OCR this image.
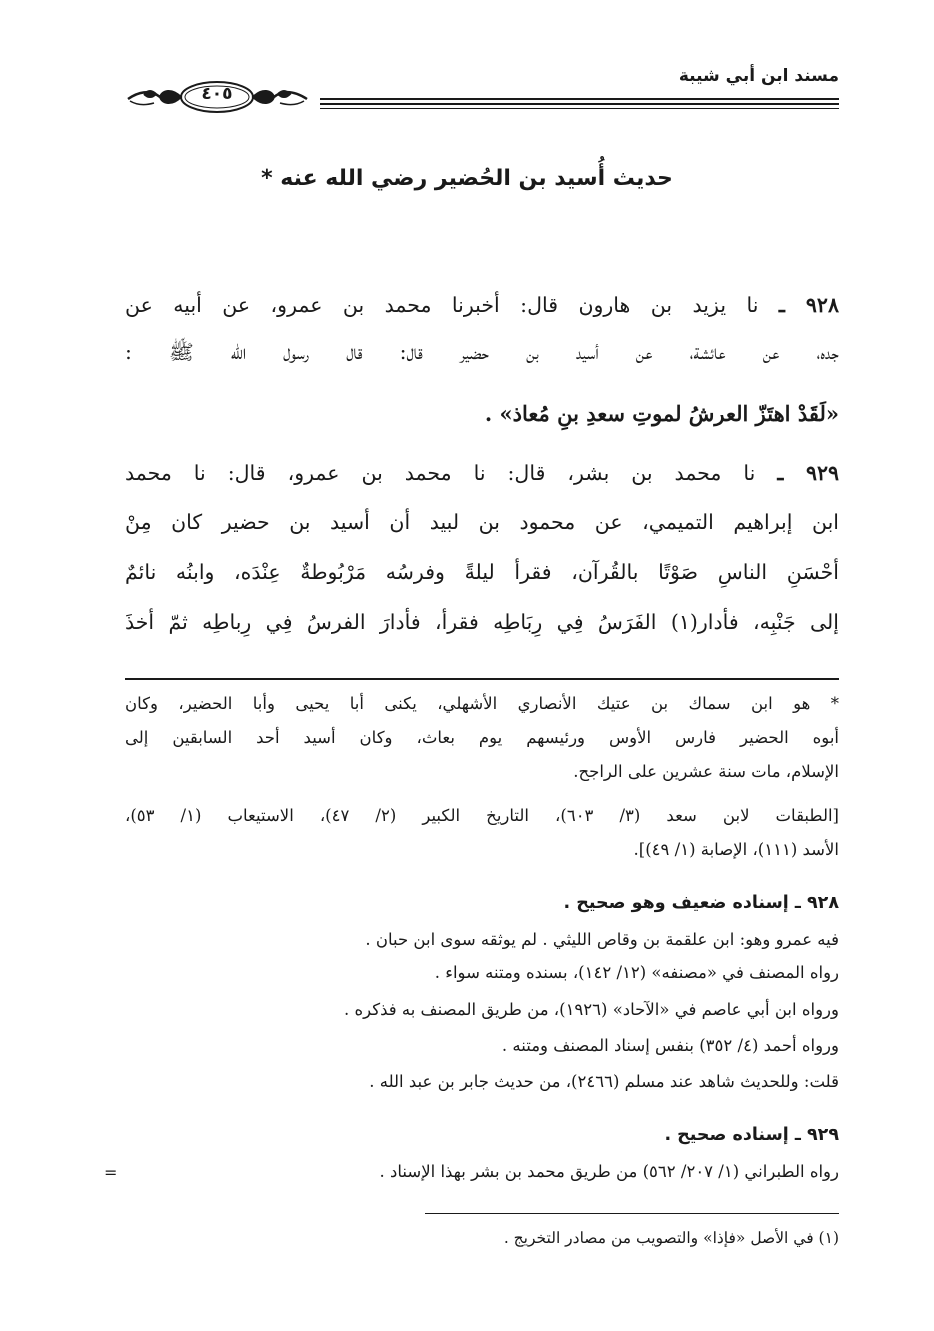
مسند ابن أبي شيبة
٤٠٥
حديث أُسيد بن الحُضير رضي الله عنه *
٩٢٨ ـ نا يزيد بن هارون قال: أخبرنا محمد بن عمرو، عن أبيه عن
جده، عن عائشة، عن أسيد بن حضير قال: قال رسول الله ﷺ :
«لَقَدْ اهتَزّ العرشُ لموتِ سعدِ بنِ مُعاذ» .
٩٢٩ ـ نا محمد بن بشر، قال: نا محمد بن عمرو، قال: نا محمد
ابن إبراهيم التميمي، عن محمود بن لبيد أن أسيد بن حضير كان مِنْ
أحْسَنِ الناسِ صَوْتًا بالقُرآن، فقرأ ليلةً وفرسُه مَرْبُوطةٌ عِنْدَه، وابنُه نائمٌ
إلى جَنْبِه، فأدار(١) الفَرَسُ فِي رِبَاطِه فقرأ، فأدارَ الفرسُ فِي رِباطِه ثمّ أخذَ
* هو ابن سماك بن عتيك الأنصاري الأشهلي، يكنى أبا يحيى وأبا الحضير، وكان
أبوه الحضير فارس الأوس ورئيسهم يوم بعاث، وكان أسيد أحد السابقين إلى
الإسلام، مات سنة عشرين على الراجح.
[الطبقات لابن سعد (٣/ ٦٠٣)، التاريخ الكبير (٢/ ٤٧)، الاستيعاب (١/ ٥٣)،
الأسد (١١١)، الإصابة (١/ ٤٩)].
٩٢٨ ـ إسناده ضعيف وهو صحيح .
فيه عمرو وهو: ابن علقمة بن وقاص الليثي . لم يوثقه سوى ابن حبان .
رواه المصنف في «مصنفه» (١٢/ ١٤٢)، بسنده ومتنه سواء .
ورواه ابن أبي عاصم في «الآحاد» (١٩٢٦)، من طريق المصنف به فذكره .
ورواه أحمد (٤/ ٣٥٢) بنفس إسناد المصنف ومتنه .
قلت: وللحديث شاهد عند مسلم (٢٤٦٦)، من حديث جابر بن عبد الله .
٩٢٩ ـ إسناده صحيح .
رواه الطبراني (١/ ٢٠٧/ ٥٦٢) من طريق محمد بن بشر بهذا الإسناد .
=
(١) في الأصل «فإذا» والتصويب من مصادر التخريج .
